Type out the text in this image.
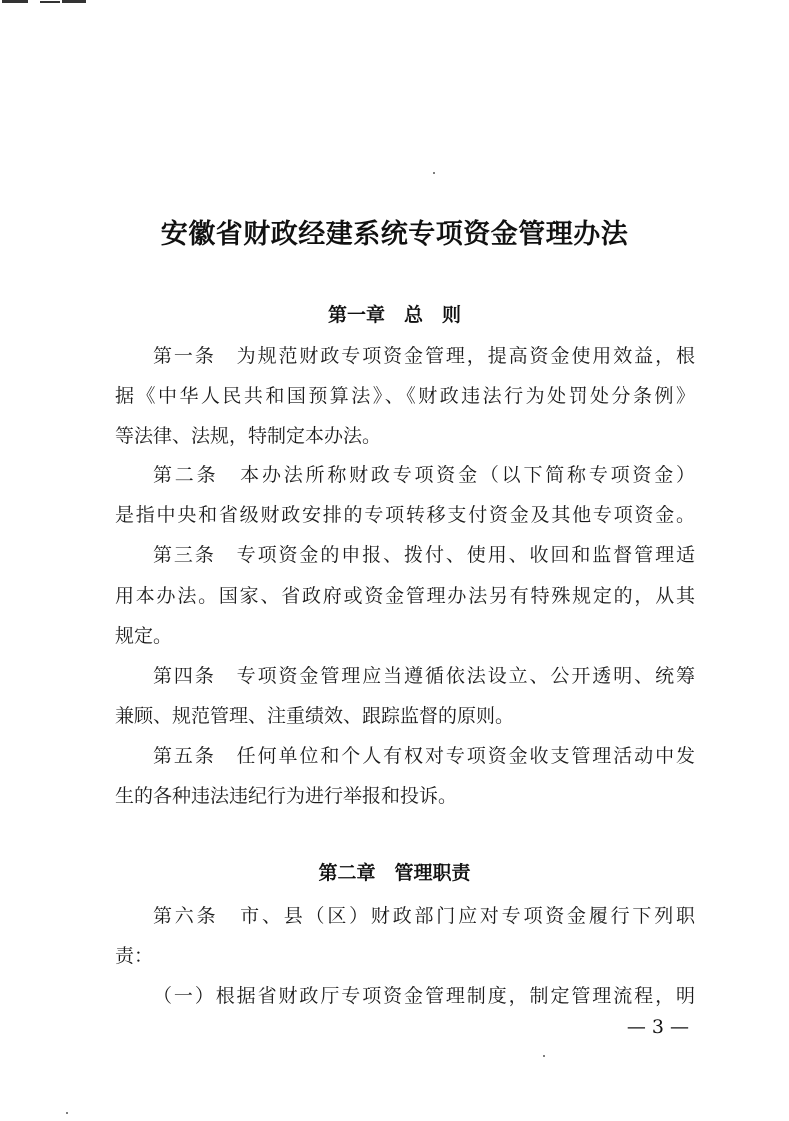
安徽省财政经建系统专项资金管理办法
第一章　总　则

第一条　为规范财政专项资金管理，提高资金使用效益，根

据《中华人民共和国预算法》、《财政违法行为处罚处分条例》

等法律、法规，特制定本办法。

第二条　本办法所称财政专项资金（以下简称专项资金）

是指中央和省级财政安排的专项转移支付资金及其他专项资金。

第三条　专项资金的申报、拨付、使用、收回和监督管理适

用本办法。国家、省政府或资金管理办法另有特殊规定的，从其

规定。

第四条　专项资金管理应当遵循依法设立、公开透明、统筹

兼顾、规范管理、注重绩效、跟踪监督的原则。

第五条　任何单位和个人有权对专项资金收支管理活动中发

生的各种违法违纪行为进行举报和投诉。

第二章　管理职责

第六条　市、县（区）财政部门应对专项资金履行下列职

责：

（一）根据省财政厅专项资金管理制度，制定管理流程，明

— 3 —
